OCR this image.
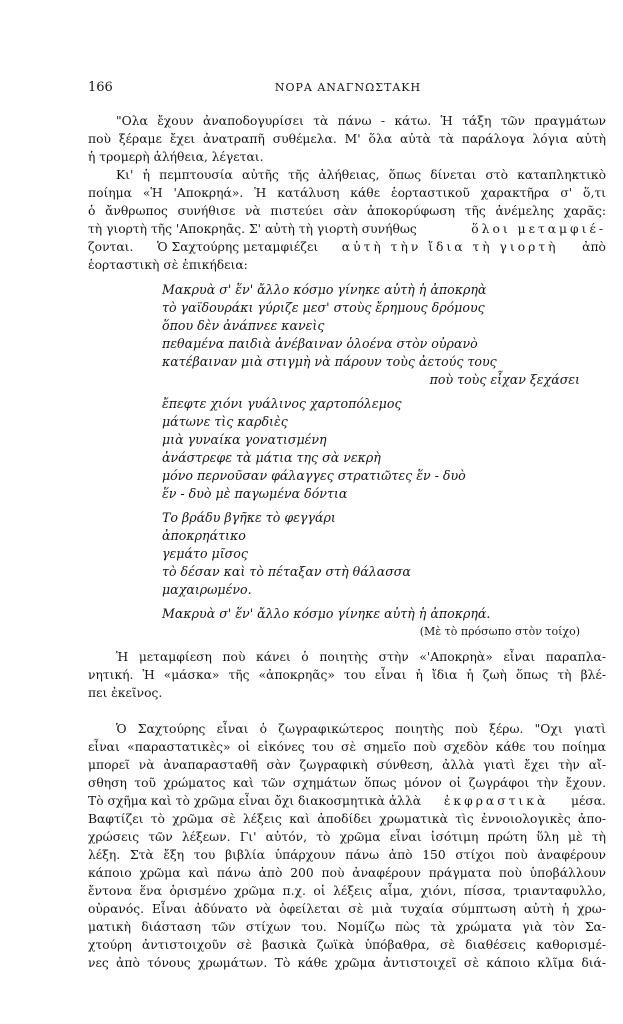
166	ΝΟΡΑ ΑΝΑΓΝΩΣΤΑΚΗ
"Ολα ἔχουν ἀναποδογυρίσει τὰ πάνω - κάτω. Ἡ τάξη τῶν πραγμάτων
ποὺ ξέραμε ἔχει ἀνατραπῆ συθέμελα. Μ' ὅλα αὐτὰ τὰ παράλογα λόγια αὐτὴ
ἡ τρομερὴ ἀλήθεια, λέγεται.
Κι' ἡ πεμπτουσία αὐτῆς τῆς ἀλήθειας, ὅπως δίνεται στὸ καταπληκτικὸ
ποίημα «Ἡ 'Αποκρηά». Ἡ κατάλυση κάθε ἑορταστικοῦ χαρακτῆρα σ' ὅ,τι
ὁ ἄνθρωπος συνήθισε νὰ πιστεύει σὰν ἀποκορύφωση τῆς ἀνέμελης χαρᾶς:
τὴ γιορτὴ τῆς 'Αποκρηᾶς. Σ' αὐτὴ τὴ γιορτὴ συνήθως	ὅλοι μεταμφιέ-
ζονται. Ὁ Σαχτούρης μεταμφιέζει αὐτὴ τὴν ἴδια τὴ γιορτὴ ἀπὸ
ἑορταστικὴ σὲ ἐπικήδεια:
Μακρυὰ σ' ἕν' ἄλλο κόσμο γίνηκε αὐτὴ ἡ ἀποκρηὰ
τὸ γαϊδουράκι γύριζε μεσ' στοὺς ἔρημους δρόμους
ὅπου δὲν ἀνάπνεε κανεὶς
πεθαμένα παιδιὰ ἀνέβαιναν ὁλοένα στὸν οὐρανὸ
κατέβαιναν μιὰ στιγμὴ νὰ πάρουν τοὺς ἀετούς τους
ποὺ τοὺς εἶχαν ξεχάσει
ἔπεφτε χιόνι γυάλινος χαρτοπόλεμος
μάτωνε τὶς καρδιὲς
μιὰ γυναίκα γονατισμένη
ἀνάστρεφε τὰ μάτια της σὰ νεκρὴ
μόνο περνοῦσαν φάλαγγες στρατιῶτες ἕν - δυὸ
ἕν - δυὸ μὲ παγωμένα δόντια
Το βράδυ βγῆκε τὸ φεγγάρι
ἀποκρηάτικο
γεμάτο μῖσος
τὸ δέσαν καὶ τὸ πέταξαν στὴ θάλασσα
μαχαιρωμένο.
Μακρυὰ σ' ἕν' ἄλλο κόσμο γίνηκε αὐτὴ ἡ ἀποκρηά.
(Μὲ τὸ πρόσωπο στὸν τοίχο)
Ἡ μεταμφίεση ποὺ κάνει ὁ ποιητὴς στὴν «'Αποκρηὰ» εἶναι παραπλα-
νητική. Ἡ «μάσκα» τῆς «ἀποκρηᾶς» του εἶναι ἡ ἴδια ἡ ζωὴ ὅπως τὴ βλέ-
πει ἐκεῖνος.
Ὁ Σαχτούρης εἶναι ὁ ζωγραφικώτερος ποιητὴς ποὺ ξέρω. "Οχι γιατὶ
εἶναι «παραστατικὲς» οἱ εἰκόνες του σὲ σημεῖο ποὺ σχεδὸν κάθε του ποίημα
μπορεῖ νὰ ἀναπαρασταθῆ σὰν ζωγραφικὴ σύνθεση, ἀλλὰ γιατὶ ἔχει τὴν αἴ-
σθηση τοῦ χρώματος καὶ τῶν σχημάτων ὅπως μόνον οἱ ζωγράφοι τὴν ἔχουν.
Τὸ σχῆμα καὶ τὸ χρῶμα εἶναι ὄχι διακοσμητικὰ ἀλλὰ ἐκφραστικὰ μέσα.
Βαφτίζει τὸ χρῶμα σὲ λέξεις καὶ ἀποδίδει χρωματικὰ τὶς ἐννοιολογικὲς ἀπο-
χρώσεις τῶν λέξεων. Γι' αὐτόν, τὸ χρῶμα εἶναι ἰσότιμη πρώτη ὕλη μὲ τὴ
λέξη. Στὰ ἔξη του βιβλία ὑπάρχουν πάνω ἀπὸ 150 στίχοι ποὺ ἀναφέρουν
κάποιο χρῶμα καὶ πάνω ἀπὸ 200 ποὺ ἀναφέρουν πράγματα ποὺ ὑποβάλλουν
ἔντονα ἕνα ὁρισμένο χρῶμα π.χ. οἱ λέξεις αἷμα, χιόνι, πίσσα, τριανταφυλλο,
οὐρανός. Εἶναι ἀδύνατο νὰ ὀφείλεται σὲ μιὰ τυχαία σύμπτωση αὐτὴ ἡ χρω-
ματικὴ διάσταση τῶν στίχων του. Νομίζω πὼς τὰ χρώματα γιὰ τὸν Σα-
χτούρη ἀντιστοιχοῦν σὲ βασικὰ ζωϊκὰ ὑπόβαθρα, σὲ διαθέσεις καθορισμέ-
νες ἀπὸ τόνους χρωμάτων. Τὸ κάθε χρῶμα ἀντιστοιχεῖ σὲ κάποιο κλῖμα διά-
